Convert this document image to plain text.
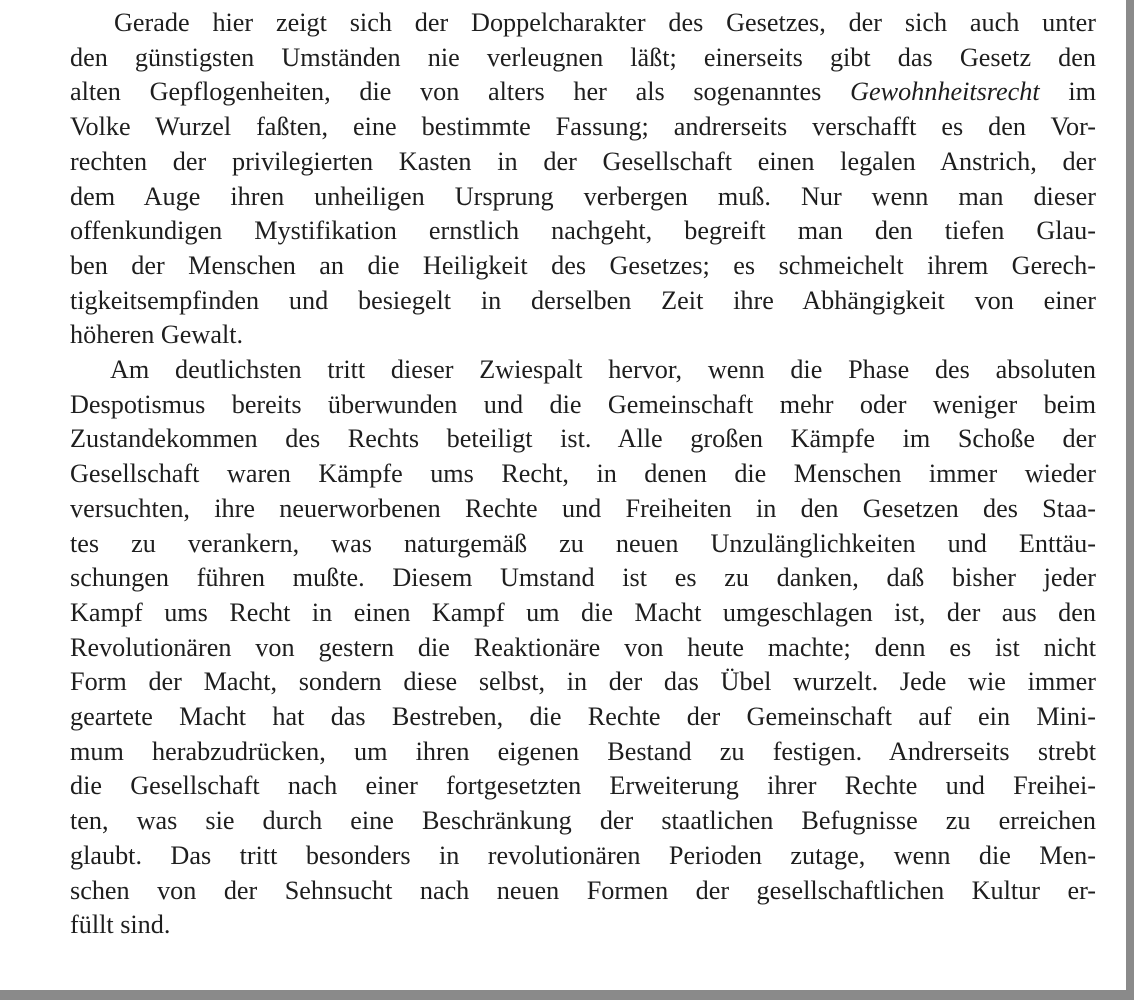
Gerade hier zeigt sich der Doppelcharakter des Gesetzes, der sich auch unter
den günstigsten Umständen nie verleugnen läßt; einerseits gibt das Gesetz den
alten Gepflogenheiten, die von alters her als sogenanntes Gewohnheitsrecht im
Volke Wurzel faßten, eine bestimmte Fassung; andrerseits verschafft es den Vor-
rechten der privilegierten Kasten in der Gesellschaft einen legalen Anstrich, der
dem Auge ihren unheiligen Ursprung verbergen muß. Nur wenn man dieser
offenkundigen Mystifikation ernstlich nachgeht, begreift man den tiefen Glau-
ben der Menschen an die Heiligkeit des Gesetzes; es schmeichelt ihrem Gerech-
tigkeitsempfinden und besiegelt in derselben Zeit ihre Abhängigkeit von einer
höheren Gewalt.
Am deutlichsten tritt dieser Zwiespalt hervor, wenn die Phase des absoluten
Despotismus bereits überwunden und die Gemeinschaft mehr oder weniger beim
Zustandekommen des Rechts beteiligt ist. Alle großen Kämpfe im Schoße der
Gesellschaft waren Kämpfe ums Recht, in denen die Menschen immer wieder
versuchten, ihre neuerworbenen Rechte und Freiheiten in den Gesetzen des Staa-
tes zu verankern, was naturgemäß zu neuen Unzulänglichkeiten und Enttäu-
schungen führen mußte. Diesem Umstand ist es zu danken, daß bisher jeder
Kampf ums Recht in einen Kampf um die Macht umgeschlagen ist, der aus den
Revolutionären von gestern die Reaktionäre von heute machte; denn es ist nicht
Form der Macht, sondern diese selbst, in der das Übel wurzelt. Jede wie immer
geartete Macht hat das Bestreben, die Rechte der Gemeinschaft auf ein Mini-
mum herabzudrücken, um ihren eigenen Bestand zu festigen. Andrerseits strebt
die Gesellschaft nach einer fortgesetzten Erweiterung ihrer Rechte und Freihei-
ten, was sie durch eine Beschränkung der staatlichen Befugnisse zu erreichen
glaubt. Das tritt besonders in revolutionären Perioden zutage, wenn die Men-
schen von der Sehnsucht nach neuen Formen der gesellschaftlichen Kultur er-
füllt sind.
